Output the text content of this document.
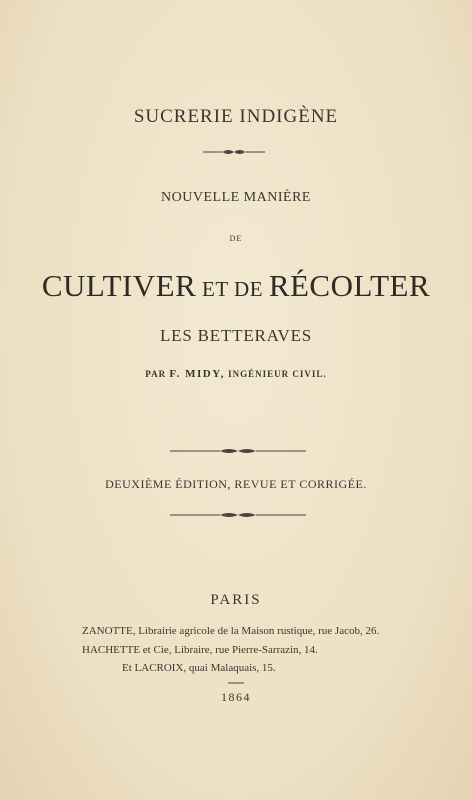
SUCRERIE INDIGÈNE
NOUVELLE MANIÈRE
DE
CULTIVER ET DE RÉCOLTER
LES BETTERAVES
PAR F. MIDY, INGÉNIEUR CIVIL.
DEUXIÈME ÉDITION, REVUE ET CORRIGÉE.
PARIS
ZANOTTE, Librairie agricole de la Maison rustique, rue Jacob, 26.
HACHETTE et Cie, Libraire, rue Pierre-Sarrazin, 14.
Et LACROIX, quai Malaquais, 15.
1864
